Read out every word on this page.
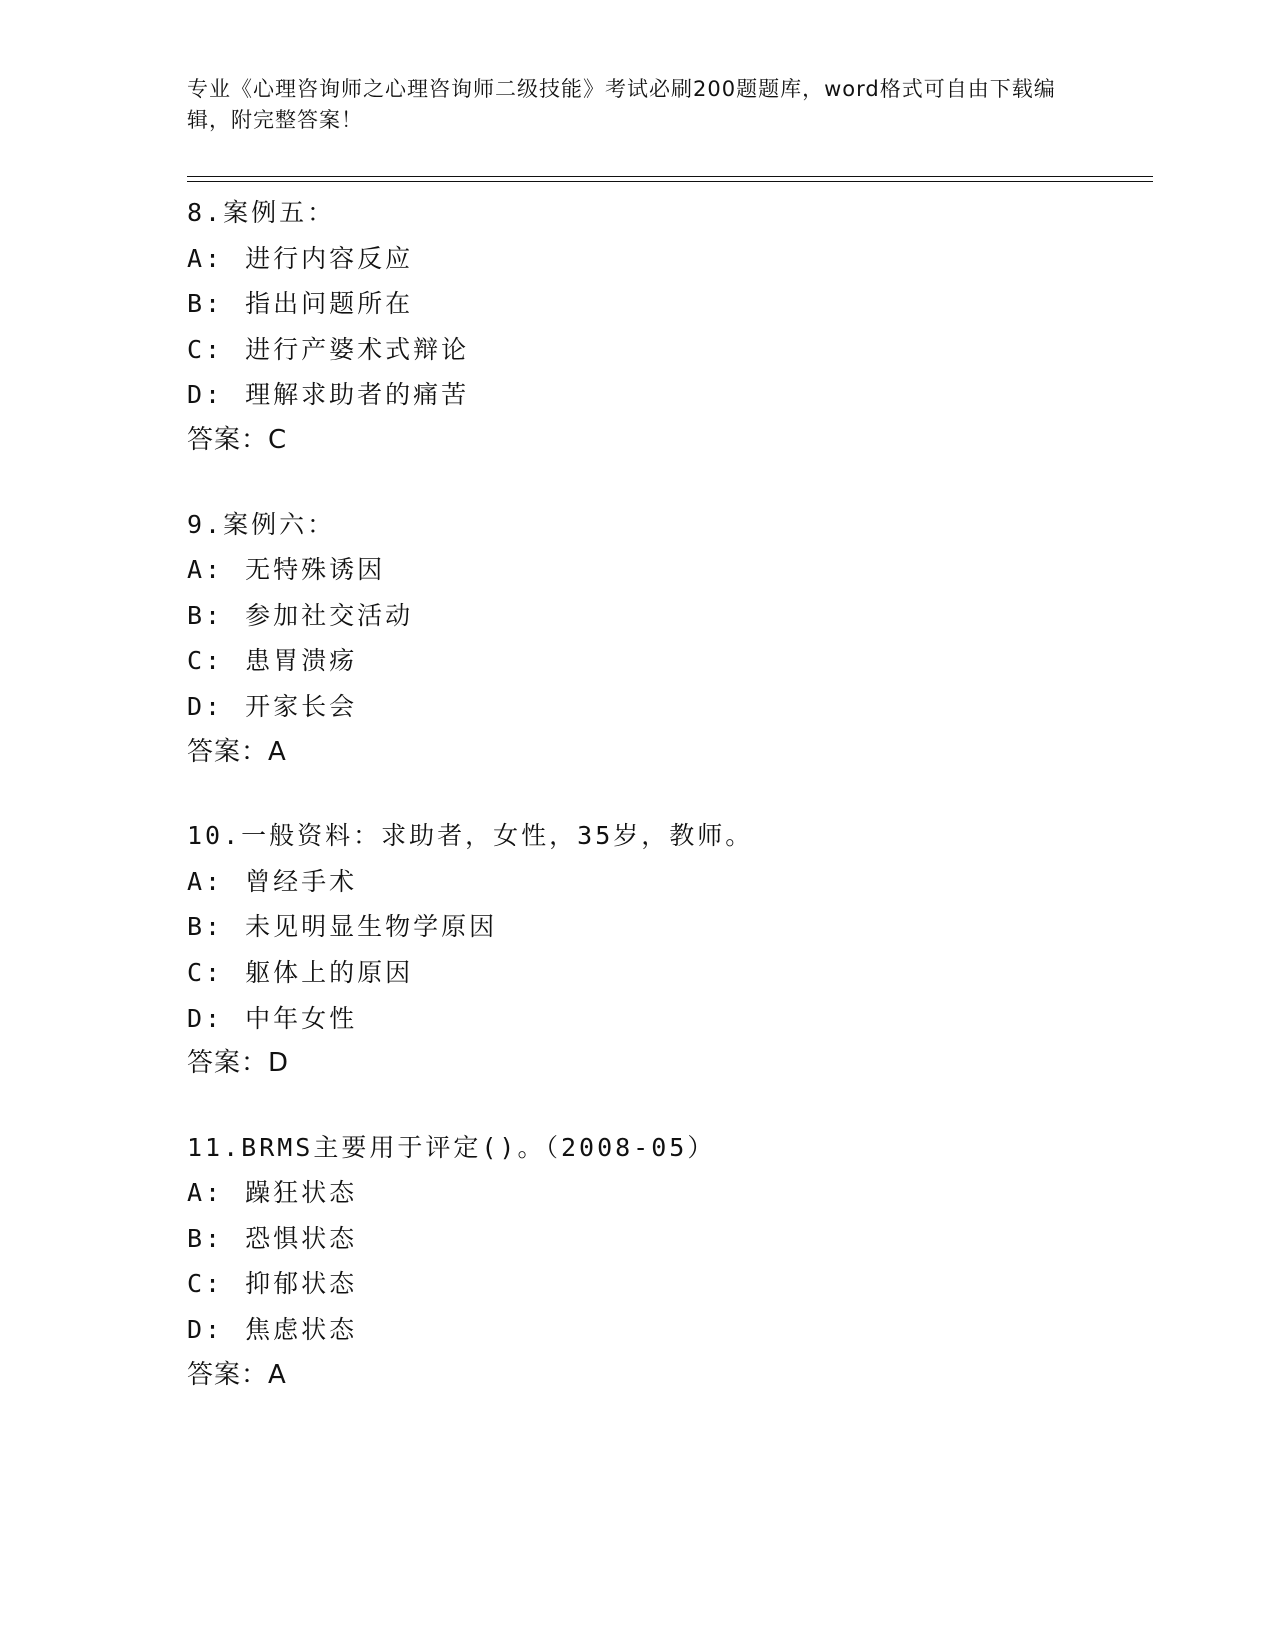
专业《心理咨询师之心理咨询师二级技能》考试必刷200题题库，word格式可自由下载编辑，附完整答案！
8.案例五：
A: 进行内容反应
B: 指出问题所在
C: 进行产婆术式辩论
D: 理解求助者的痛苦
答案：C
9.案例六：
A: 无特殊诱因
B: 参加社交活动
C: 患胃溃疡
D: 开家长会
答案：A
10.一般资料：求助者，女性，35岁，教师。
A: 曾经手术
B: 未见明显生物学原因
C: 躯体上的原因
D: 中年女性
答案：D
11.BRMS主要用于评定()。（2008-05）
A: 躁狂状态
B: 恐惧状态
C: 抑郁状态
D: 焦虑状态
答案：A
